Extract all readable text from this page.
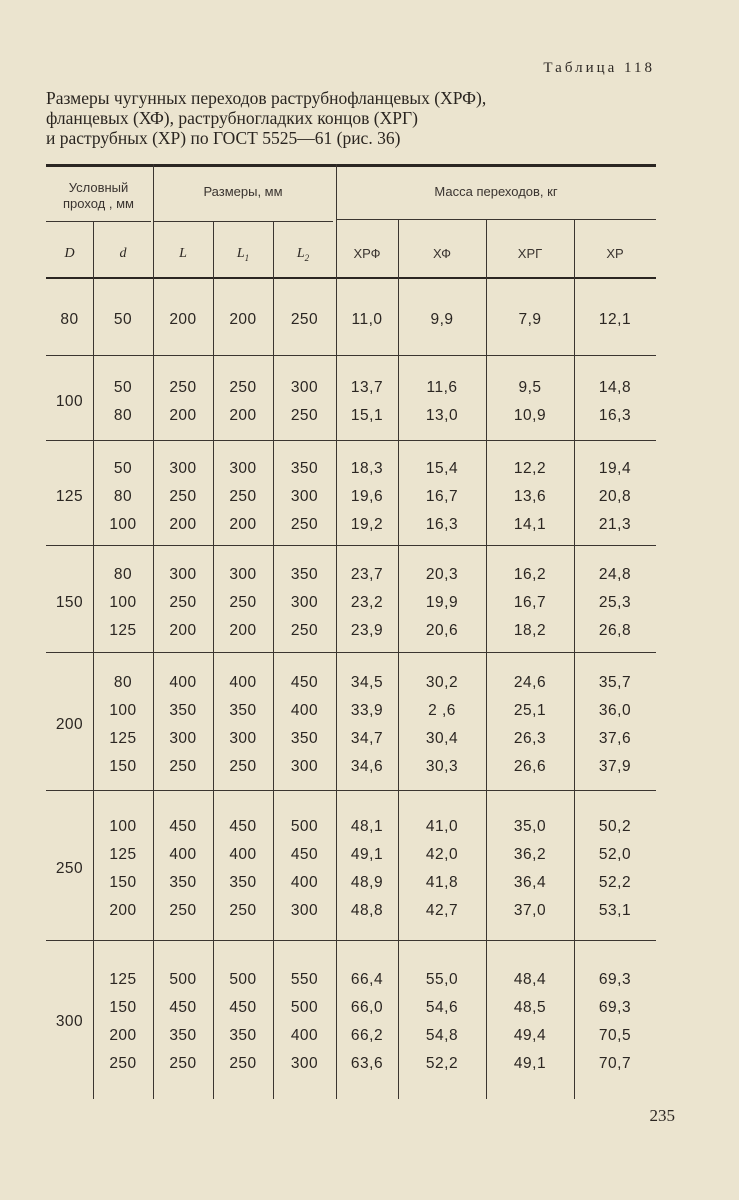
Таблица 118
Размеры чугунных переходов раструбнофланцевых (ХРФ),
фланцевых (ХФ), раструбногладких концов (ХРГ)
и раструбных (ХР) по ГОСТ 5525—61 (рис. 36)
Условный проход , мм
Размеры, мм	Масса переходов, кг
D	d	L	$L_1$	$L_2$	ХРФ	ХФ	ХРГ	ХР
80	50	200	200	250	11,0	9,9	7,9	12,1
100
50	250	250	300	13,7	11,6	9,5	14,8
80	200	200	250	15,1	13,0	10,9	16,3
125
50	300	300	350	18,3	15,4	12,2	19,4
80	250	250	300	19,6	16,7	13,6	20,8
100	200	200	250	19,2	16,3	14,1	21,3
150
80	300	300	350	23,7	20,3	16,2	24,8
100	250	250	300	23,2	19,9	16,7	25,3
125	200	200	250	23,9	20,6	18,2	26,8
200
80	400	400	450	34,5	30,2	24,6	35,7
100	350	350	400	33,9	2 ,6	25,1	36,0
125	300	300	350	34,7	30,4	26,3	37,6
150	250	250	300	34,6	30,3	26,6	37,9
250
100	450	450	500	48,1	41,0	35,0	50,2
125	400	400	450	49,1	42,0	36,2	52,0
150	350	350	400	48,9	41,8	36,4	52,2
200	250	250	300	48,8	42,7	37,0	53,1
300
125	500	500	550	66,4	55,0	48,4	69,3
150	450	450	500	66,0	54,6	48,5	69,3
200	350	350	400	66,2	54,8	49,4	70,5
250	250	250	300	63,6	52,2	49,1	70,7
235
